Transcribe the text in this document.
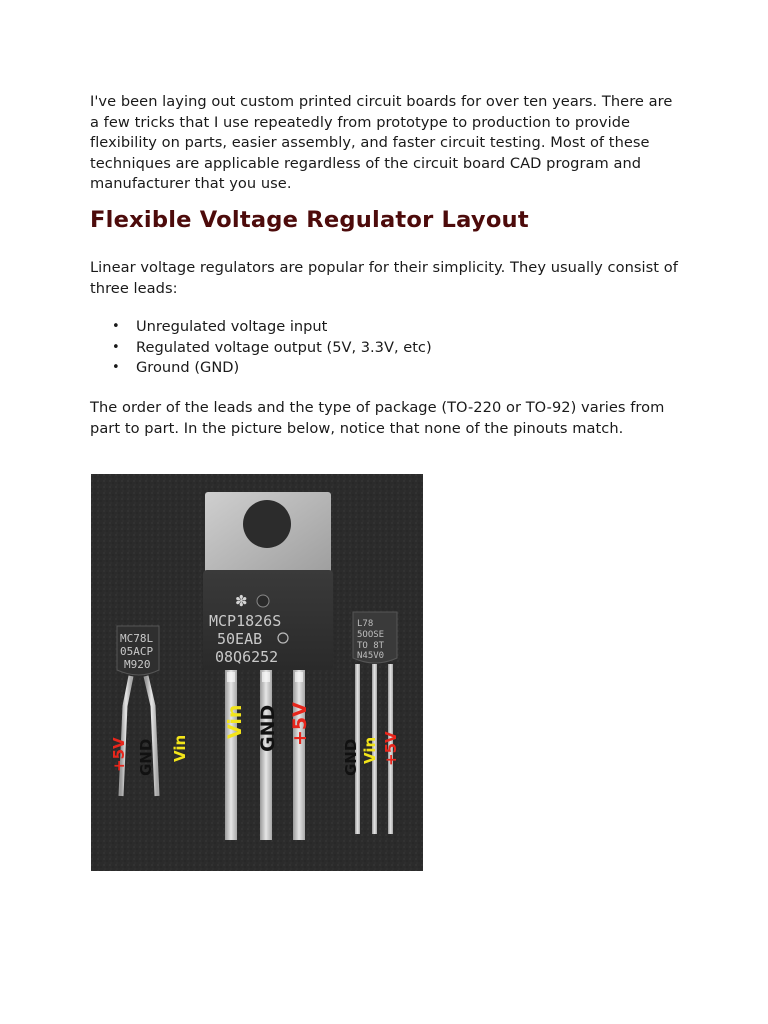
I've been laying out custom printed circuit boards for over ten years. There are a few tricks that I use repeatedly from prototype to production to provide flexibility on parts, easier assembly, and faster circuit testing. Most of these techniques are applicable regardless of the circuit board CAD program and manufacturer that you use.

Flexible Voltage Regulator Layout

Linear voltage regulators are popular for their simplicity. They usually consist of three leads:

• Unregulated voltage input
• Regulated voltage output (5V, 3.3V, etc)
• Ground (GND)

The order of the leads and the type of package (TO-220 or TO-92) varies from part to part. In the picture below, notice that none of the pinouts match.

✽
MCP1826S
50EAB
08Q6252
Vin GND +5V
MC78L
05ACP
M920
+5V GND Vin
L78
5OOSE
TO 8T
N45V0
GND Vin +5V
